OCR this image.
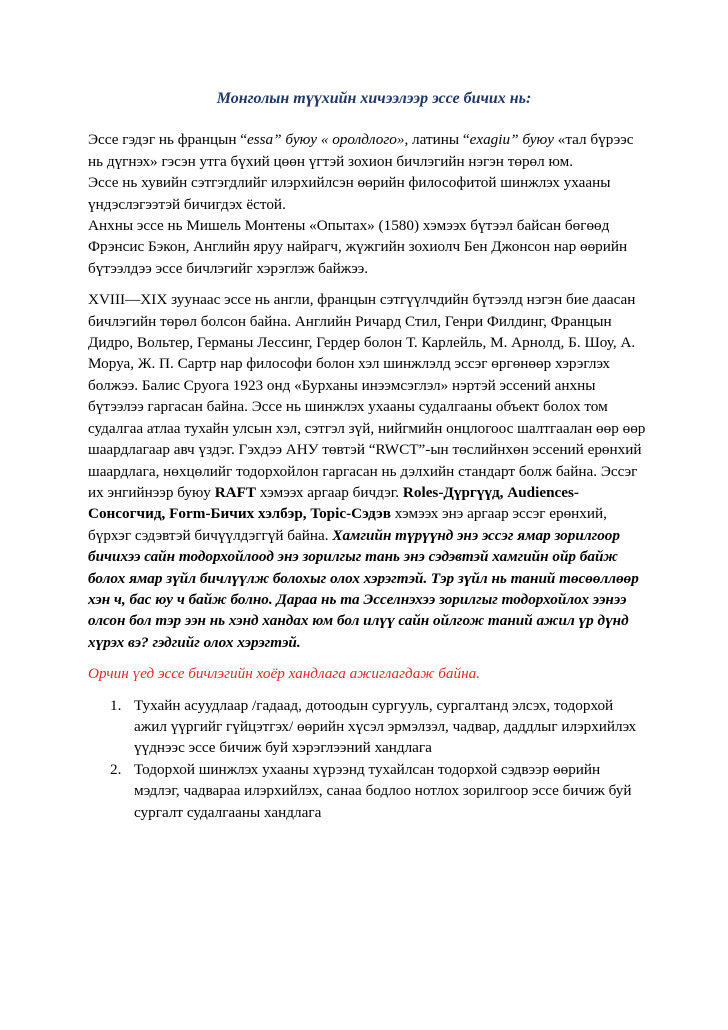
Монголын түүхийн хичээлээр эссе бичих нь:

Эссе гэдэг нь францын “essa” буюу « оролдлого», латины “exagiu” буюу «тал бүрээс нь дүгнэх» гэсэн утга бүхий цөөн үгтэй зохион бичлэгийн нэгэн төрөл юм.

Эссе нь хувийн сэтгэгдлийг илэрхийлсэн өөрийн философитой шинжлэх ухааны үндэслэгээтэй бичигдэх ёстой.

Анхны эссе нь Мишель Монтены «Опытах» (1580) хэмээх бүтээл байсан бөгөөд Фрэнсис Бэкон, Английн яруу найрагч, жүжгийн зохиолч Бен Джонсон нар өөрийн бүтээлдээ эссе бичлэгийг хэрэглэж байжээ.

XVIII—XIX зуунаас эссе нь англи, францын сэтгүүлчдийн бүтээлд нэгэн бие даасан бичлэгийн төрөл болсон байна. Английн Ричард Стил, Генри Филдинг, Францын Дидро, Вольтер, Германы Лессинг, Гердер болон Т. Карлейль, М. Арнолд, Б. Шоу, А. Моруа, Ж. П. Сартр нар философи болон хэл шинжлэлд эссэг өргөнөөр хэрэглэх болжээ. Балис Сруога 1923 онд «Бурханы инээмсэглэл» нэртэй эссений анхны бүтээлээ гаргасан байна. Эссе нь шинжлэх ухааны судалгааны объект болох том судалгаа атлаа тухайн улсын хэл, сэтгэл зүй, нийгмийн онцлогоос шалтгаалан өөр өөр шаардлагаар авч үздэг. Гэхдээ АНУ төвтэй “RWCT”-ын төслийнхөн эссений ерөнхий шаардлага, нөхцөлийг тодорхойлон гаргасан нь дэлхийн стандарт болж байна. Эссэг их энгийнээр буюу RAFT хэмээх аргаар бичдэг. Roles-Дүргүүд, Audiences-Сонсогчид, Form-Бичих хэлбэр, Topic-Сэдэв хэмээх энэ аргаар эссэг ерөнхий, бүрхэг сэдэвтэй бичүүлдэггүй байна. Хамгийн түрүүнд энэ эссэг ямар зорилгоор бичихээ сайн тодорхойлоод энэ зорилгыг тань энэ сэдэвтэй хамгийн ойр байж болох ямар зүйл бичлүүлж болохыг олох хэрэгтэй. Тэр зүйл нь таний төсөөллөөр хэн ч, бас юу ч байж болно. Дараа нь та Эсселнэхээ зорилгыг тодорхойлох ээнээ олсон бол тэр ээн нь хэнд хандах юм бол илүү сайн ойлгож таний ажил үр дүнд хүрэх вэ? гэдгийг олох хэрэгтэй.

Орчин үед эссе бичлэгийн хоёр хандлага ажиглагдаж байна.

1. Тухайн асуудлаар /гадаад, дотоодын сургууль, сургалтанд элсэх, тодорхой ажил үүргийг гүйцэтгэх/ өөрийн хүсэл эрмэлзэл, чадвар, даддлыг илэрхийлэх үүднээс эссе бичиж буй хэрэглээний хандлага
2. Тодорхой шинжлэх ухааны хүрээнд тухайлсан тодорхой сэдвээр өөрийн мэдлэг, чадвараа илэрхийлэх, санаа бодлоо нотлох зорилгоор эссе бичиж буй сургалт судалгааны хандлага
